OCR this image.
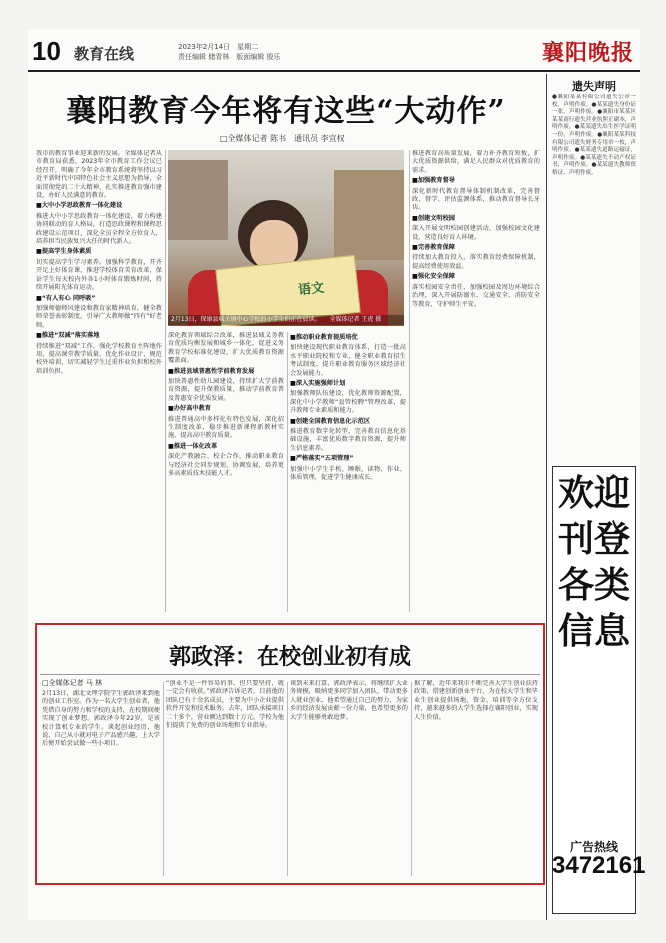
10 教育在线	2023年2月14日　星期二
责任编辑 储青林　版面编辑 殷乐	襄阳晚报
襄阳教育今年将有这些“大动作”
□全媒体记者 陈书　通讯员 李宜权
我市的教育事业迎来新的发展。全媒体记者从市教育局获悉，2023年全市教育工作会议已经召开，明确了今年全市教育系统将坚持以习近平新时代中国特色社会主义思想为指导，全面贯彻党的二十大精神，扎实推进教育强市建设，办好人民满意的教育。
■大中小学思政教育一体化建设
推进大中小学思政教育一体化建设，着力构建协同联动的育人格局，打造思政课程和课程思政建设示范项目，深化全员全程全方位育人，培养担当民族复兴大任的时代新人。
■提高学生身体素质
切实提高学生学习素养。加强科学教育，开齐开足上好体育课，推进学校体育美育改革，保证学生每天校内外各1小时体育锻炼时间，持续开展阳光体育运动。
■“有人有心 同呼吸”
加强师德师风建设和教育家精神培育，健全教师荣誉表彰制度，引导广大教师做“四有”好老师。
■推进“双减”落实落地
持续推进“双减”工作，强化学校教育主阵地作用，提高课堂教学质量，优化作业设计，规范校外培训，切实减轻学生过重作业负担和校外培训负担。
语文
2月13日，保康县城关镇中心学校的小学生们正在晨读。　　全媒体记者 王虎 摄
深化教育领域综合改革，推进县域义务教育优质均衡发展和城乡一体化，促进义务教育学校标准化建设，扩大优质教育资源覆盖面。
■推进县域普惠性学前教育发展
加快普惠性幼儿园建设，持续扩大学前教育资源，提升保教质量，推动学前教育普及普惠安全优质发展。
■办好高中教育
推进普通高中多样化有特色发展，深化招生制度改革，稳步推进新课程新教材实施，提高高中教育质量。
■推进一体化改革
深化产教融合、校企合作，推动职业教育与经济社会同步规划、协调发展，培养更多高素质技术技能人才。
■推动职业教育提质培优
加快建设现代职业教育体系，打造一批高水平职业院校和专业，健全职业教育招生考试制度，提升职业教育服务区域经济社会发展能力。
■深入实施强师计划
加强教师队伍建设，优化教师资源配置，深化中小学教师“县管校聘”管理改革，提升教师专业素质和能力。
■创建全国教育信息化示范区
推进教育数字化转型，完善教育信息化基础设施，丰富优质数字教育资源，提升师生信息素养。
■严格落实“五项管理”
加强中小学生手机、睡眠、读物、作业、体质管理，促进学生健康成长。
推进教育高质量发展，着力补齐教育短板，扩大优质资源供给，满足人民群众对优质教育的需求。
■加强教育督导
深化新时代教育督导体制机制改革，完善督政、督学、评估监测体系，推动教育督导长牙齿。
■创建文明校园
深入开展文明校园创建活动，加强校园文化建设，营造良好育人环境。
■完善教育保障
持续加大教育投入，落实教育经费保障机制，提高经费使用效益。
■强化安全保障
落实校园安全责任，加强校园及周边环境综合治理，深入开展防溺水、交通安全、消防安全等教育，守护师生平安。
郭政泽：在校创业初有成
□全媒体记者 马 林
2月13日，湖北文理学院学生郭政泽来到他的创业工作室。作为一名大学生创业者，他凭借自身的努力和学校的支持，在校期间便实现了创业梦想。郭政泽今年22岁，是该校计算机专业的学生。谈起创业经历，他说，自己从小就对电子产品感兴趣，上大学后便开始尝试做一些小项目。
“创业不是一件容易的事，但只要坚持，就一定会有收获。”郭政泽告诉记者，目前他的团队已有十余名成员，主要为中小企业提供软件开发和技术服务。去年，团队承接项目二十多个，营业额达到数十万元。学校为他们提供了免费的创业场地和专业指导。
谈到未来打算，郭政泽表示，将继续扩大业务规模，吸纳更多同学加入团队，带动更多人就业创业。他希望通过自己的努力，为家乡的经济发展贡献一份力量，也希望更多的大学生能够勇敢追梦。
据了解，近年来我市不断完善大学生创业扶持政策，搭建创新创业平台，为在校大学生和毕业生创业提供场地、资金、培训等全方位支持，越来越多的大学生选择在襄阳创业，实现人生价值。
遗失声明
●襄阳某某有限公司遗失公章一枚，声明作废。●某某遗失身份证一张，声明作废。●襄阳市某某区某某商行遗失营业执照正副本，声明作废。●某某遗失出生医学证明一份，声明作废。●襄阳某某科技有限公司遗失财务专用章一枚，声明作废。●某某遗失道路运输证，声明作废。●某某遗失不动产权证书，声明作废。●某某遗失教师资格证，声明作废。
欢迎刊登各类信息
广告热线
3472161
